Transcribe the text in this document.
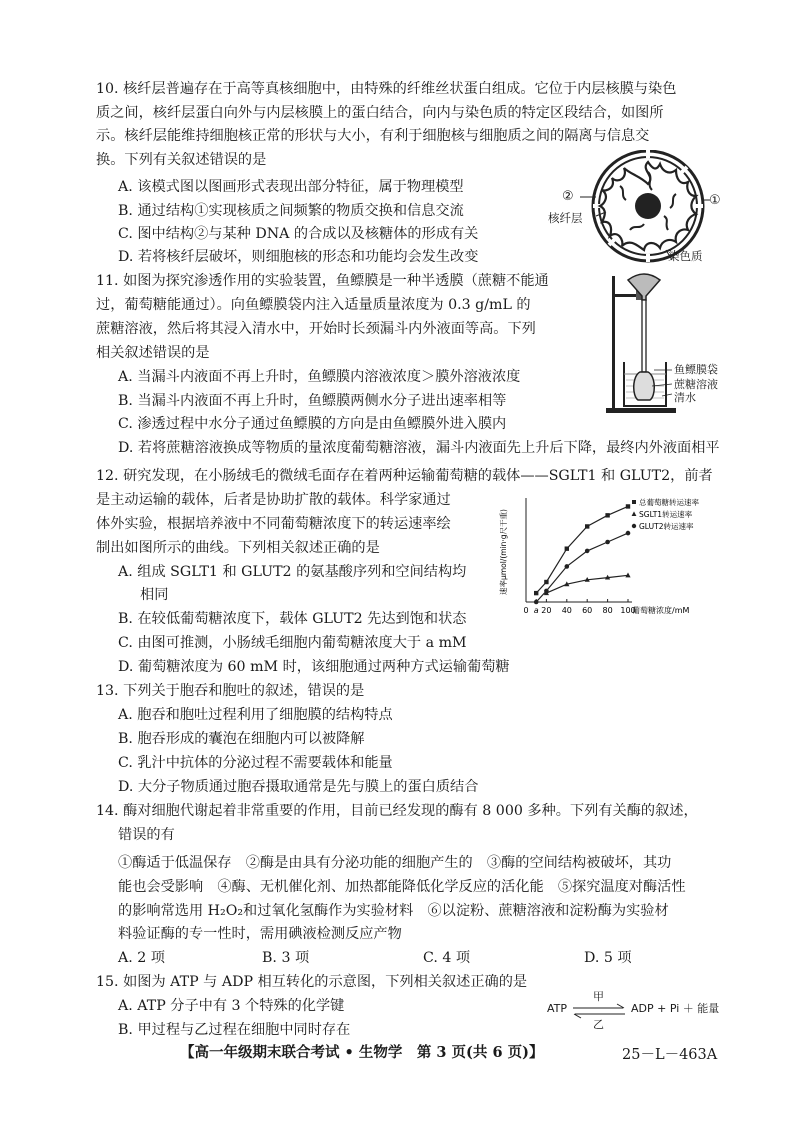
10. 核纤层普遍存在于高等真核细胞中，由特殊的纤维丝状蛋白组成。它位于内层核膜与染色
质之间，核纤层蛋白向外与内层核膜上的蛋白结合，向内与染色质的特定区段结合，如图所
示。核纤层能维持细胞核正常的形状与大小，有利于细胞核与细胞质之间的隔离与信息交
换。下列有关叙述错误的是
A. 该模式图以图画形式表现出部分特征，属于物理模型
B. 通过结构①实现核质之间频繁的物质交换和信息交流
C. 图中结构②与某种 DNA 的合成以及核糖体的形成有关
D. 若将核纤层破坏，则细胞核的形态和功能均会发生改变
②	①
核纤层
染色质
11. 如图为探究渗透作用的实验装置，鱼鳔膜是一种半透膜（蔗糖不能通
过，葡萄糖能通过）。向鱼鳔膜袋内注入适量质量浓度为 0.3 g/mL 的
蔗糖溶液，然后将其浸入清水中，开始时长颈漏斗内外液面等高。下列
相关叙述错误的是
A. 当漏斗内液面不再上升时，鱼鳔膜内溶液浓度＞膜外溶液浓度
B. 当漏斗内液面不再上升时，鱼鳔膜两侧水分子进出速率相等
C. 渗透过程中水分子通过鱼鳔膜的方向是由鱼鳔膜外进入膜内
D. 若将蔗糖溶液换成等物质的量浓度葡萄糖溶液，漏斗内液面先上升后下降，最终内外液面相平
鱼鳔膜袋
蔗糖溶液
清水
12. 研究发现，在小肠绒毛的微绒毛面存在着两种运输葡萄糖的载体——SGLT1 和 GLUT2，前者
是主动运输的载体，后者是协助扩散的载体。科学家通过
体外实验，根据培养液中不同葡萄糖浓度下的转运速率绘
制出如图所示的曲线。下列相关叙述正确的是
A. 组成 SGLT1 和 GLUT2 的氨基酸序列和空间结构均
相同
B. 在较低葡萄糖浓度下，载体 GLUT2 先达到饱和状态
C. 由图可推测，小肠绒毛细胞内葡萄糖浓度大于 a mM
D. 葡萄糖浓度为 60 mM 时，该细胞通过两种方式运输葡萄糖
0 a 20 40 60 80 100
葡萄糖浓度/mM
速率μmol/(min·g尺干重)
总葡萄糖转运速率
SGLT1转运速率
GLUT2转运速率
13. 下列关于胞吞和胞吐的叙述，错误的是
A. 胞吞和胞吐过程利用了细胞膜的结构特点
B. 胞吞形成的囊泡在细胞内可以被降解
C. 乳汁中抗体的分泌过程不需要载体和能量
D. 大分子物质通过胞吞摄取通常是先与膜上的蛋白质结合
14. 酶对细胞代谢起着非常重要的作用，目前已经发现的酶有 8 000 多种。下列有关酶的叙述，
错误的有
①酶适于低温保存　②酶是由具有分泌功能的细胞产生的　③酶的空间结构被破坏，其功
能也会受影响　④酶、无机催化剂、加热都能降低化学反应的活化能　⑤探究温度对酶活性
的影响常选用 H₂O₂和过氧化氢酶作为实验材料　⑥以淀粉、蔗糖溶液和淀粉酶为实验材
料验证酶的专一性时，需用碘液检测反应产物
A. 2 项	B. 3 项	C. 4 项	D. 5 项
15. 如图为 ATP 与 ADP 相互转化的示意图，下列相关叙述正确的是
A. ATP 分子中有 3 个特殊的化学键
B. 甲过程与乙过程在细胞中同时存在
ATP	ADP + Pi ＋ 能量
甲
乙
【高一年级期末联合考试 • 生物学　第 3 页(共 6 页)】	25－L－463A
